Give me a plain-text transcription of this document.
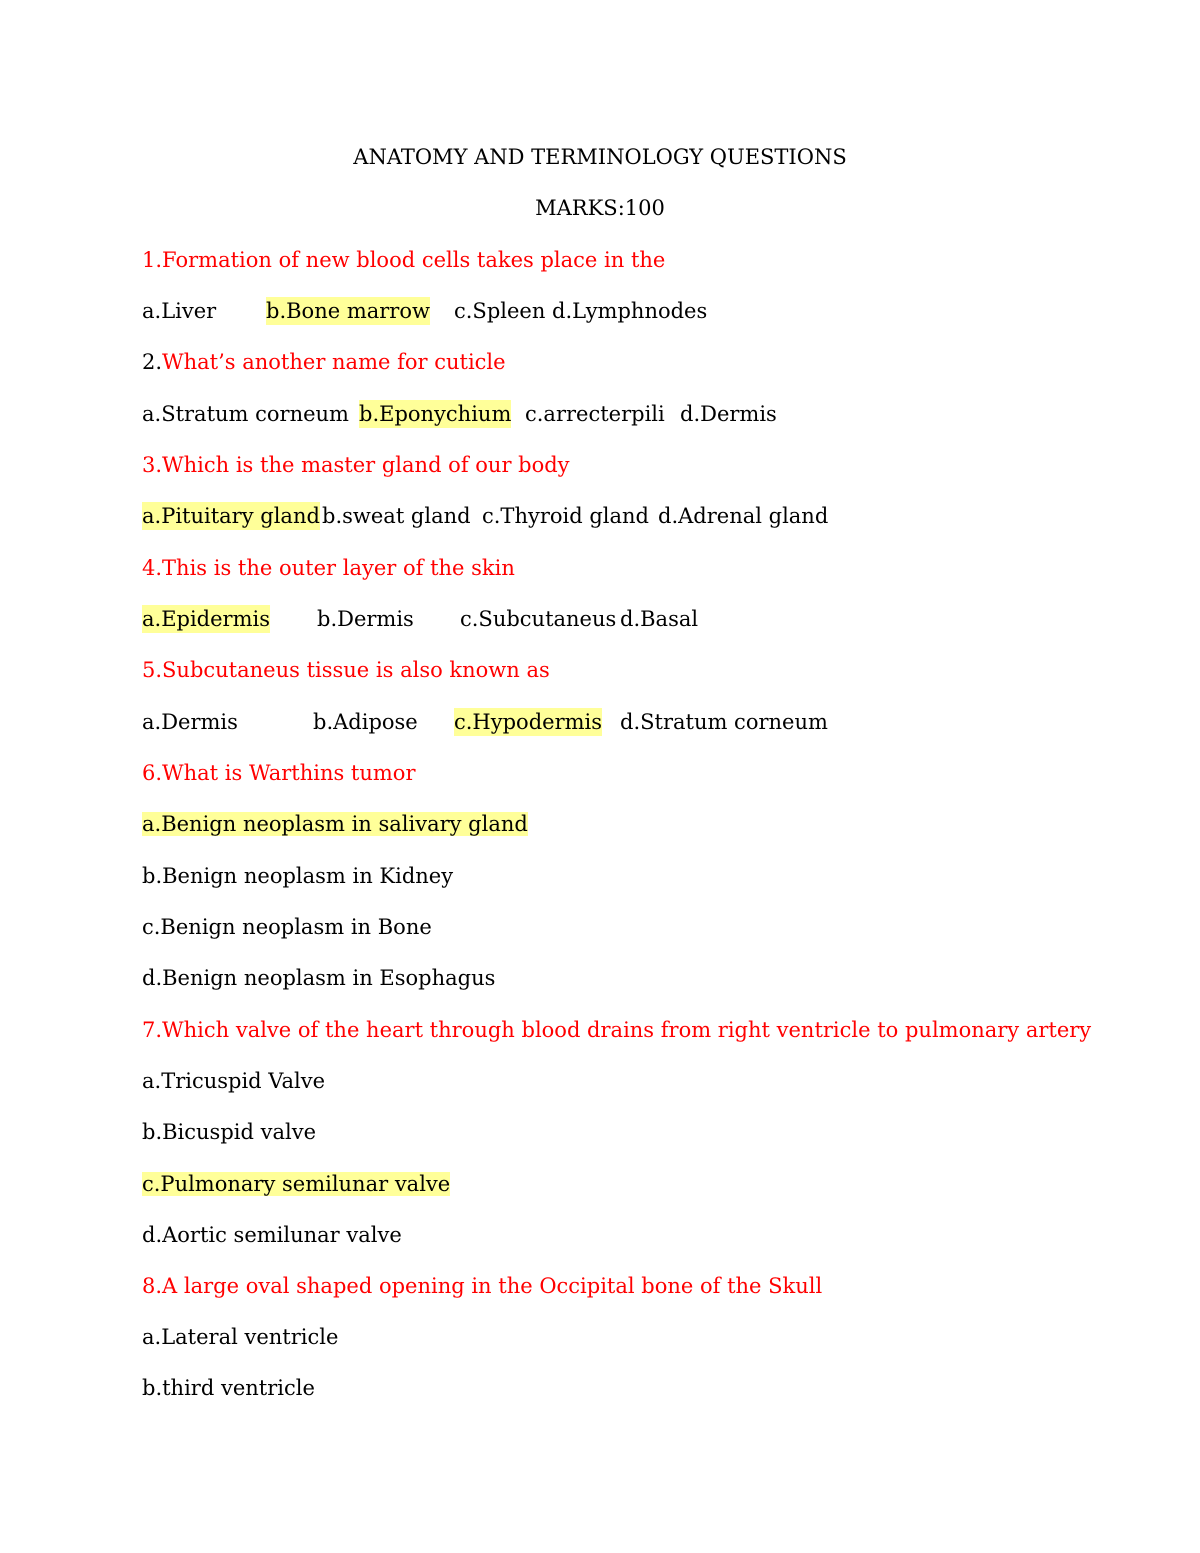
ANATOMY AND TERMINOLOGY QUESTIONS
MARKS:100
1.Formation of new blood cells takes place in the
a.Liver b.Bone marrow c.Spleen d.Lymphnodes
2.What’s another name for cuticle
a.Stratum corneum b.Eponychium c.arrecterpili d.Dermis
3.Which is the master gland of our body
a.Pituitary gland b.sweat gland c.Thyroid gland d.Adrenal gland
4.This is the outer layer of the skin
a.Epidermis b.Dermis c.Subcutaneus d.Basal
5.Subcutaneus tissue is also known as
a.Dermis	b.Adipose c.Hypodermis d.Stratum corneum
6.What is Warthins tumor
a.Benign neoplasm in salivary gland
b.Benign neoplasm in Kidney
c.Benign neoplasm in Bone
d.Benign neoplasm in Esophagus
7.Which valve of the heart through blood drains from right ventricle to pulmonary artery
a.Tricuspid Valve
b.Bicuspid valve
c.Pulmonary semilunar valve
d.Aortic semilunar valve
8.A large oval shaped opening in the Occipital bone of the Skull
a.Lateral ventricle
b.third ventricle
